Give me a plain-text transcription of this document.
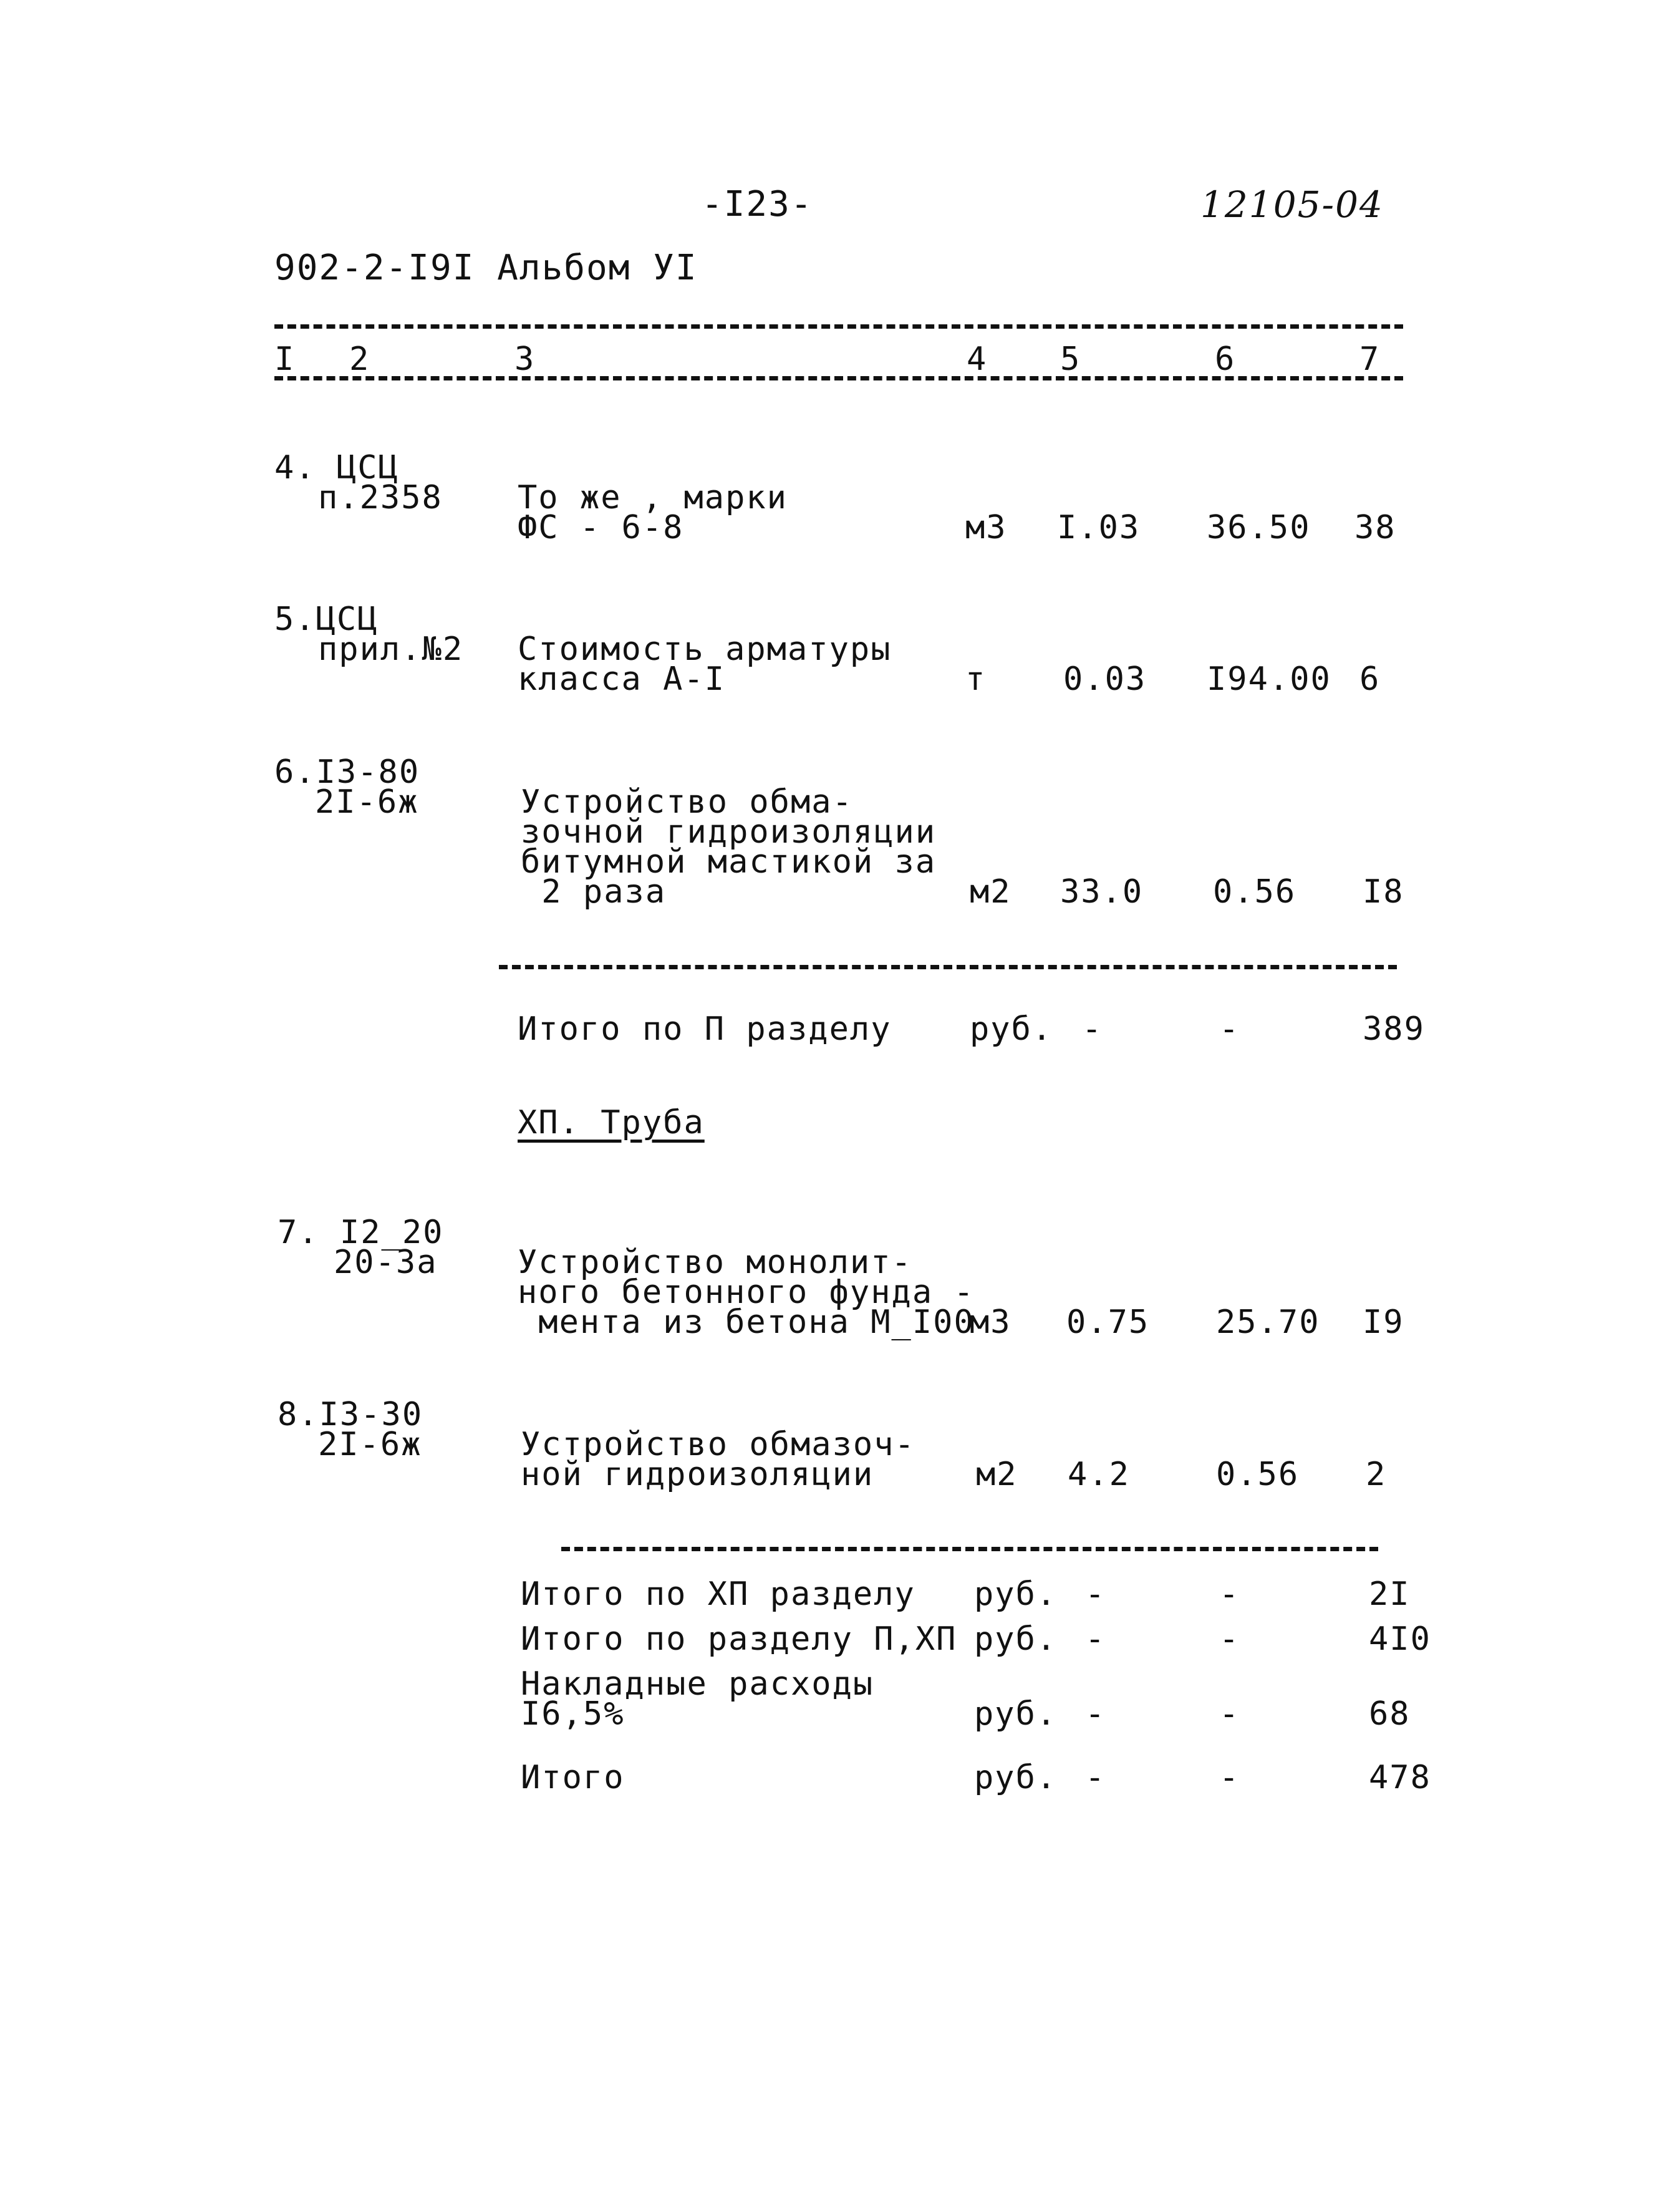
-I23-	12105-04
902-2-I9I Альбом УI
I 2	3	4 5	6	7
4. ЦСЦ
п.2358 То же , марки
ФС - 6-8	м3 I.03 36.50 38
5.ЦСЦ
прил.№2 Стоимость арматуры
класса А-I	т 0.03 I94.00 6
6.I3-80
2I-6ж	Устройство обма-
зочной гидроизоляции
битумной мастикой за
2 раза	м2 33.0 0.56 I8
Итого по П разделу руб. -	-	389
ХП. Труба
7. I2_20
20-3а Устройство монолит-
ного бетонного фунда -
мента из бетона М_I00
м3 0.75 25.70 I9
8.I3-30
2I-6ж	Устройство обмазоч-
ной гидроизоляции	м2 4.2	0.56 2
Итого по ХП разделу руб. -	-	2I
Итого по разделу П,ХП руб. -	-	4I0
Накладные расходы
I6,5%	руб. -	-	68
Итого	руб. -	-	478
